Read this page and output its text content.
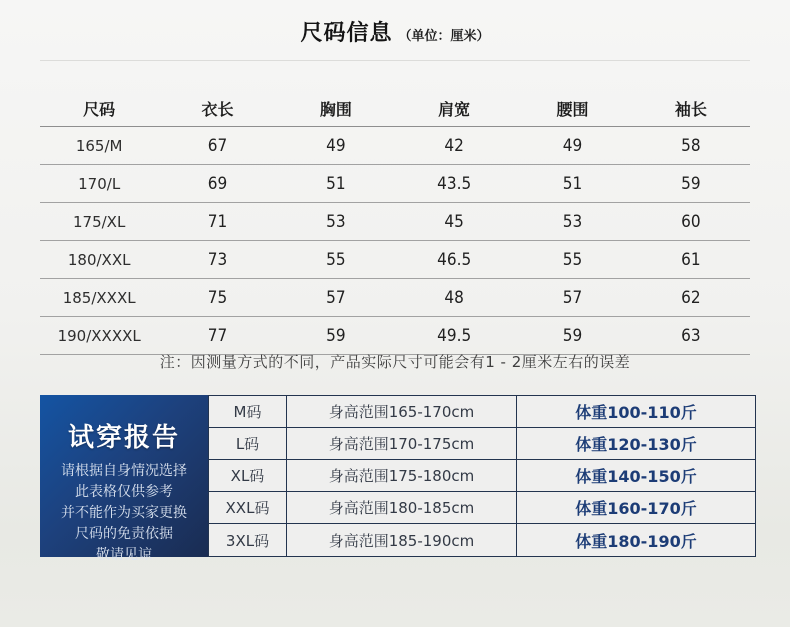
尺码信息 （单位：厘米）
尺码	衣长	胸围	肩宽	腰围	袖长
165/M	67	49	42	49	58
170/L	69	51	43.5	51	59
175/XL	71	53	45	53	60
180/XXL	73	55	46.5	55	61
185/XXXL	75	57	48	57	62
190/XXXXL	77	59	49.5	59	63
注：因测量方式的不同，产品实际尺寸可能会有1 - 2厘米左右的误差
试穿报告
请根据自身情况选择
此表格仅供参考
并不能作为买家更换
尺码的免责依据
敬请见谅
M码	身高范围165-170cm	体重100-110斤
L码	身高范围170-175cm	体重120-130斤
XL码	身高范围175-180cm	体重140-150斤
XXL码	身高范围180-185cm	体重160-170斤
3XL码	身高范围185-190cm	体重180-190斤
